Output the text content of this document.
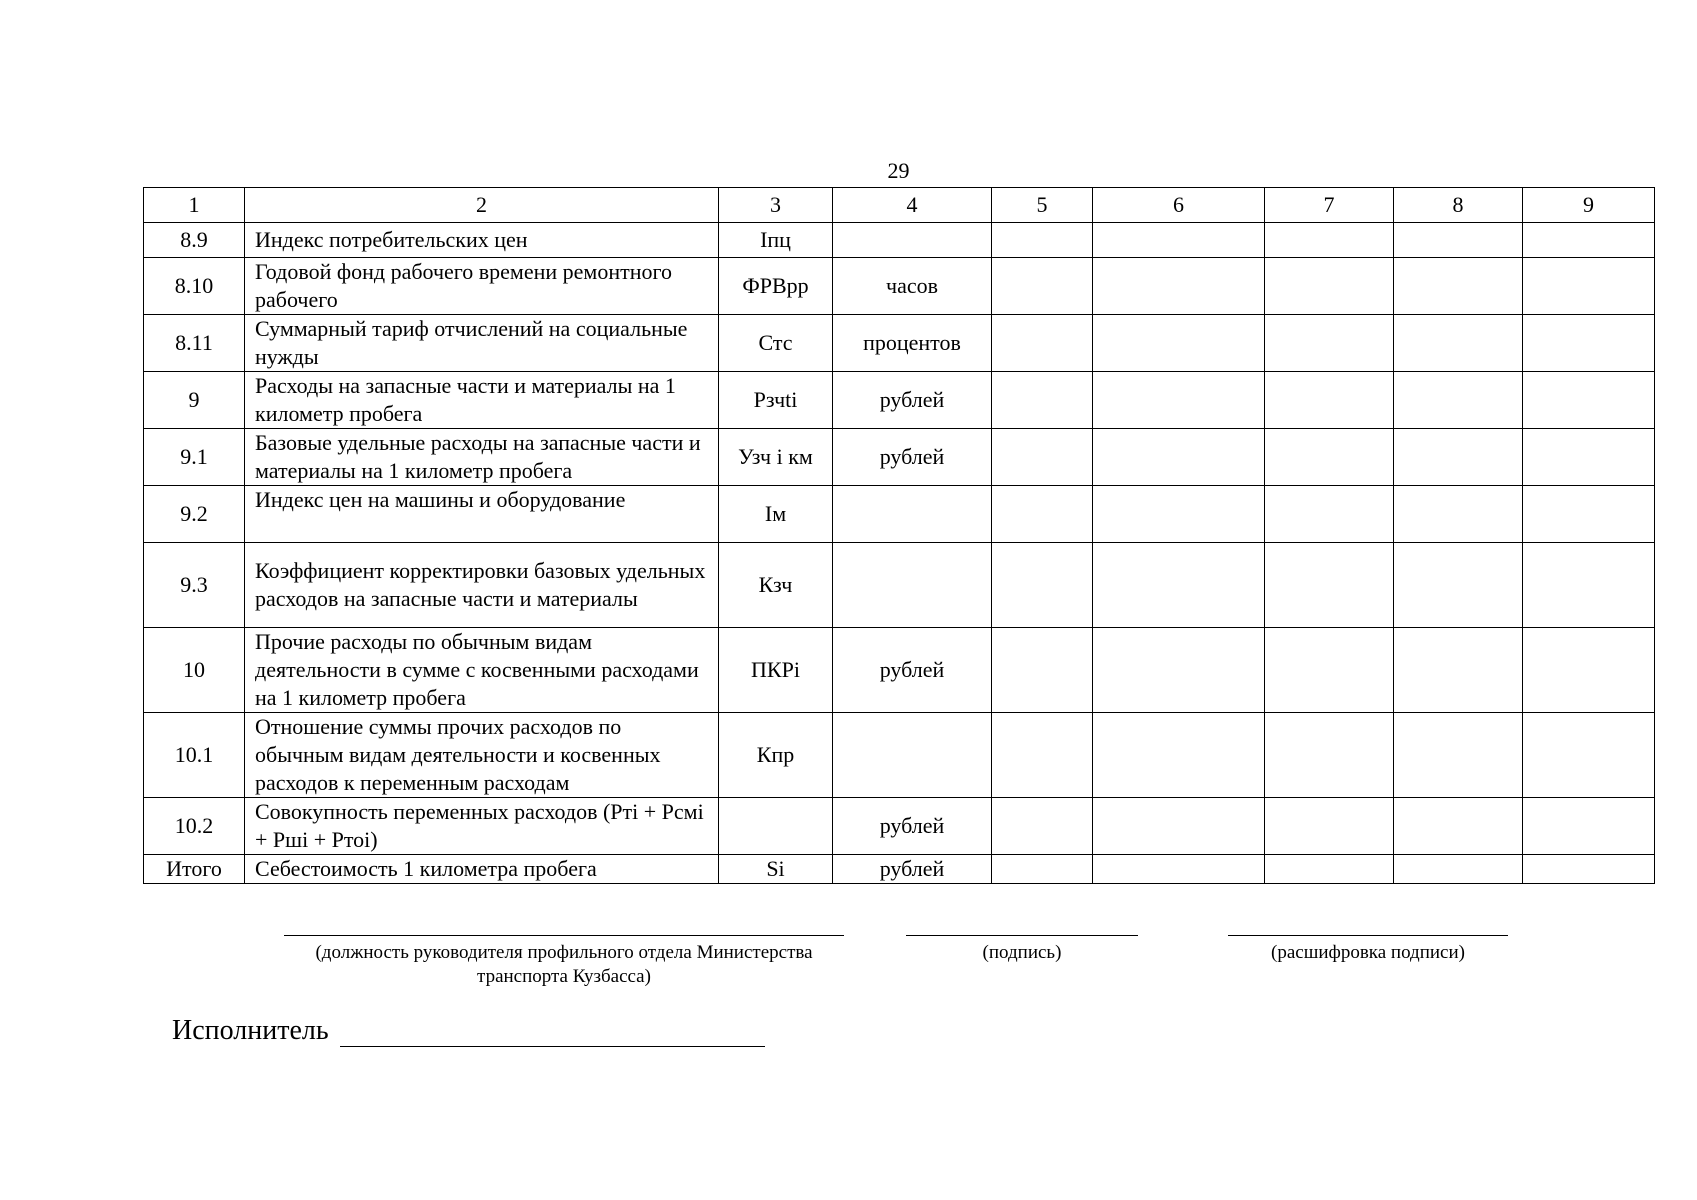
29
1	2	3	4	5	6	7	8	9
8.9	Индекс потребительских цен	Iпц						
8.10	Годовой фонд рабочего времени ремонтного рабочего	ФРВрр	часов					
8.11	Суммарный тариф отчислений на социальные нужды	Стс	процентов					
9	Расходы на запасные части и материалы на 1 километр пробега	Рзчti	рублей					
9.1	Базовые удельные расходы на запасные части и материалы на 1 километр пробега	Узч i км	рублей					
9.2	Индекс цен на машины и оборудование	Iм						
9.3	Коэффициент корректировки базовых удельных расходов на запасные части и материалы	Кзч						
10	Прочие расходы по обычным видам деятельности в сумме с косвенными расходами на 1 километр пробега	ПКРi	рублей					
10.1	Отношение суммы прочих расходов по обычным видам деятельности и косвенных расходов к переменным расходам	Кпр						
10.2	Совокупность переменных расходов (Ртi + Рсмi + Ршi + Ртоi)		рублей					
Итого	Себестоимость 1 километра пробега	Si	рублей					
(должность руководителя профильного отдела Министерства транспорта Кузбасса)
(подпись)	(расшифровка подписи)
Исполнитель
